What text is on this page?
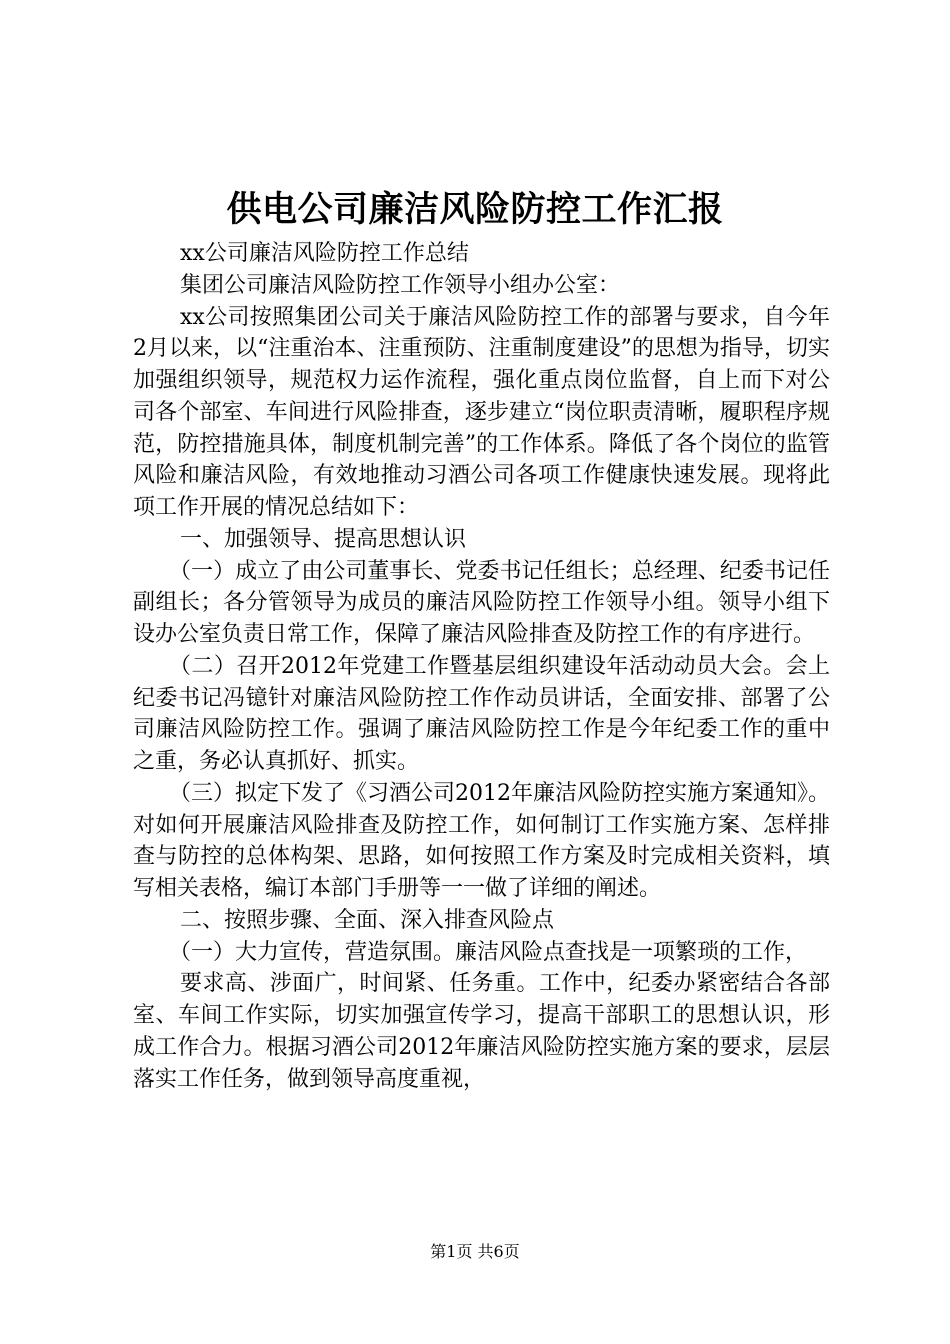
供电公司廉洁风险防控工作汇报

xx公司廉洁风险防控工作总结

集团公司廉洁风险防控工作领导小组办公室：

xx公司按照集团公司关于廉洁风险防控工作的部署与要求，自今年2月以来，以“注重治本、注重预防、注重制度建设”的思想为指导，切实加强组织领导，规范权力运作流程，强化重点岗位监督，自上而下对公司各个部室、车间进行风险排查，逐步建立“岗位职责清晰，履职程序规范，防控措施具体，制度机制完善”的工作体系。降低了各个岗位的监管风险和廉洁风险，有效地推动习酒公司各项工作健康快速发展。现将此项工作开展的情况总结如下：

一、加强领导、提高思想认识

（一）成立了由公司董事长、党委书记任组长；总经理、纪委书记任副组长；各分管领导为成员的廉洁风险防控工作领导小组。领导小组下设办公室负责日常工作，保障了廉洁风险排查及防控工作的有序进行。

（二）召开2012年党建工作暨基层组织建设年活动动员大会。会上纪委书记冯镱针对廉洁风险防控工作作动员讲话，全面安排、部署了公司廉洁风险防控工作。强调了廉洁风险防控工作是今年纪委工作的重中之重，务必认真抓好、抓实。

（三）拟定下发了《习酒公司2012年廉洁风险防控实施方案通知》。对如何开展廉洁风险排查及防控工作，如何制订工作实施方案、怎样排查与防控的总体构架、思路，如何按照工作方案及时完成相关资料，填写相关表格，编订本部门手册等一一做了详细的阐述。

二、按照步骤、全面、深入排查风险点

（一）大力宣传，营造氛围。廉洁风险点查找是一项繁琐的工作，

要求高、涉面广，时间紧、任务重。工作中，纪委办紧密结合各部室、车间工作实际，切实加强宣传学习，提高干部职工的思想认识，形成工作合力。根据习酒公司2012年廉洁风险防控实施方案的要求，层层落实工作任务，做到领导高度重视，

第1页 共6页
